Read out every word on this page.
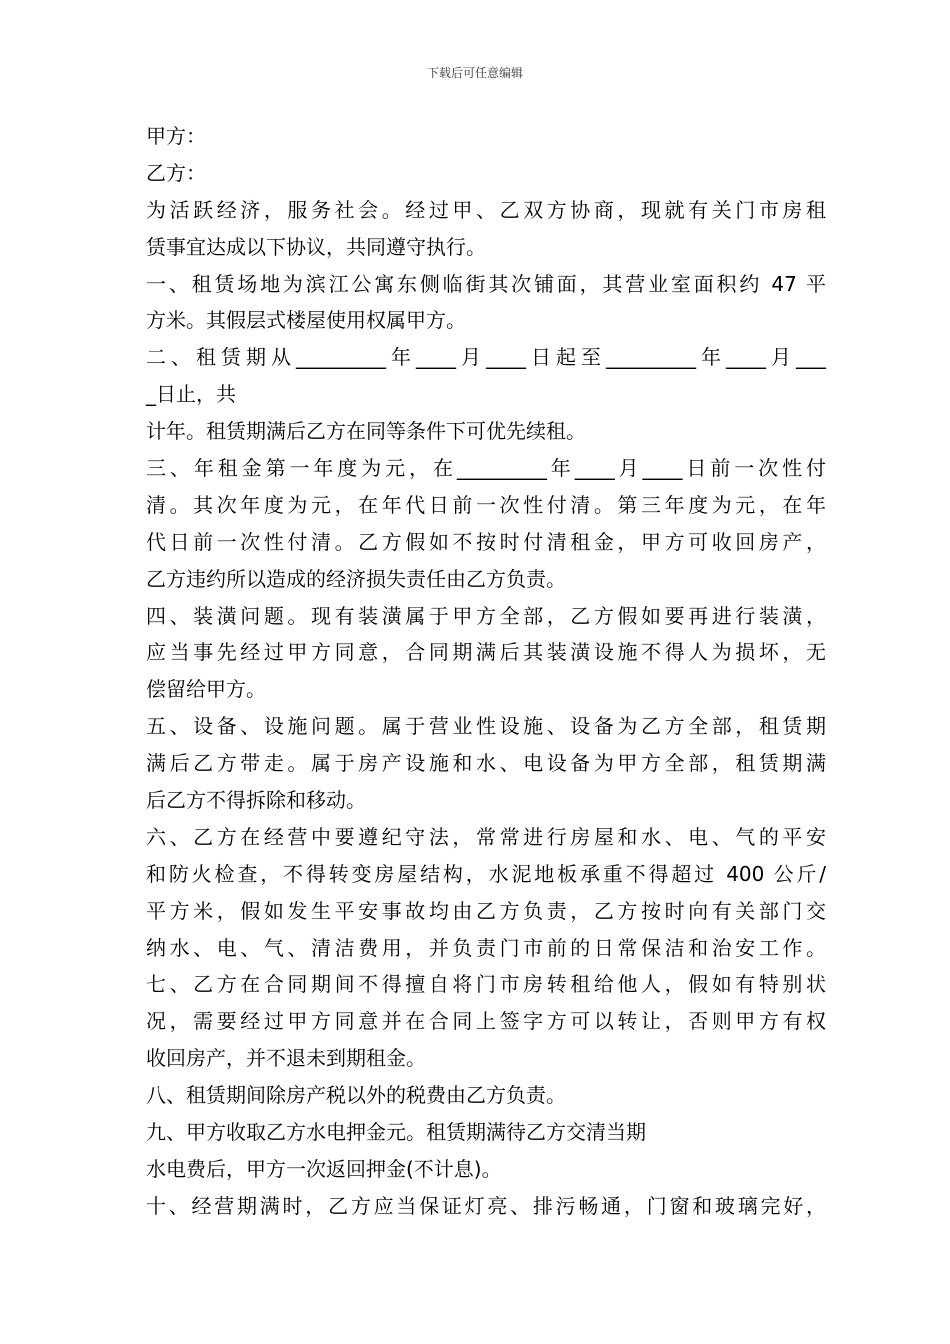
下载后可任意编辑
甲方：
乙方：
为活跃经济，服务社会。经过甲、乙双方协商，现就有关门市房租
赁事宜达成以下协议，共同遵守执行。
一、租赁场地为滨江公寓东侧临街其次铺面，其营业室面积约 47 平
方米。其假层式楼屋使用权属甲方。
二、租赁期从_________年____月____日起至_________年____月___
_日止，共
计年。租赁期满后乙方在同等条件下可优先续租。
三、年租金第一年度为元，在_________年____月____日前一次性付
清。其次年度为元，在年代日前一次性付清。第三年度为元，在年
代日前一次性付清。乙方假如不按时付清租金，甲方可收回房产，
乙方违约所以造成的经济损失责任由乙方负责。
四、装潢问题。现有装潢属于甲方全部，乙方假如要再进行装潢，
应当事先经过甲方同意，合同期满后其装潢设施不得人为损坏，无
偿留给甲方。
五、设备、设施问题。属于营业性设施、设备为乙方全部，租赁期
满后乙方带走。属于房产设施和水、电设备为甲方全部，租赁期满
后乙方不得拆除和移动。
六、乙方在经营中要遵纪守法，常常进行房屋和水、电、气的平安
和防火检查，不得转变房屋结构，水泥地板承重不得超过 400 公斤/
平方米，假如发生平安事故均由乙方负责，乙方按时向有关部门交
纳水、电、气、清洁费用，并负责门市前的日常保洁和治安工作。
七、乙方在合同期间不得擅自将门市房转租给他人，假如有特别状
况，需要经过甲方同意并在合同上签字方可以转让，否则甲方有权
收回房产，并不退未到期租金。
八、租赁期间除房产税以外的税费由乙方负责。
九、甲方收取乙方水电押金元。租赁期满待乙方交清当期
水电费后，甲方一次返回押金(不计息)。
十、经营期满时，乙方应当保证灯亮、排污畅通，门窗和玻璃完好，
